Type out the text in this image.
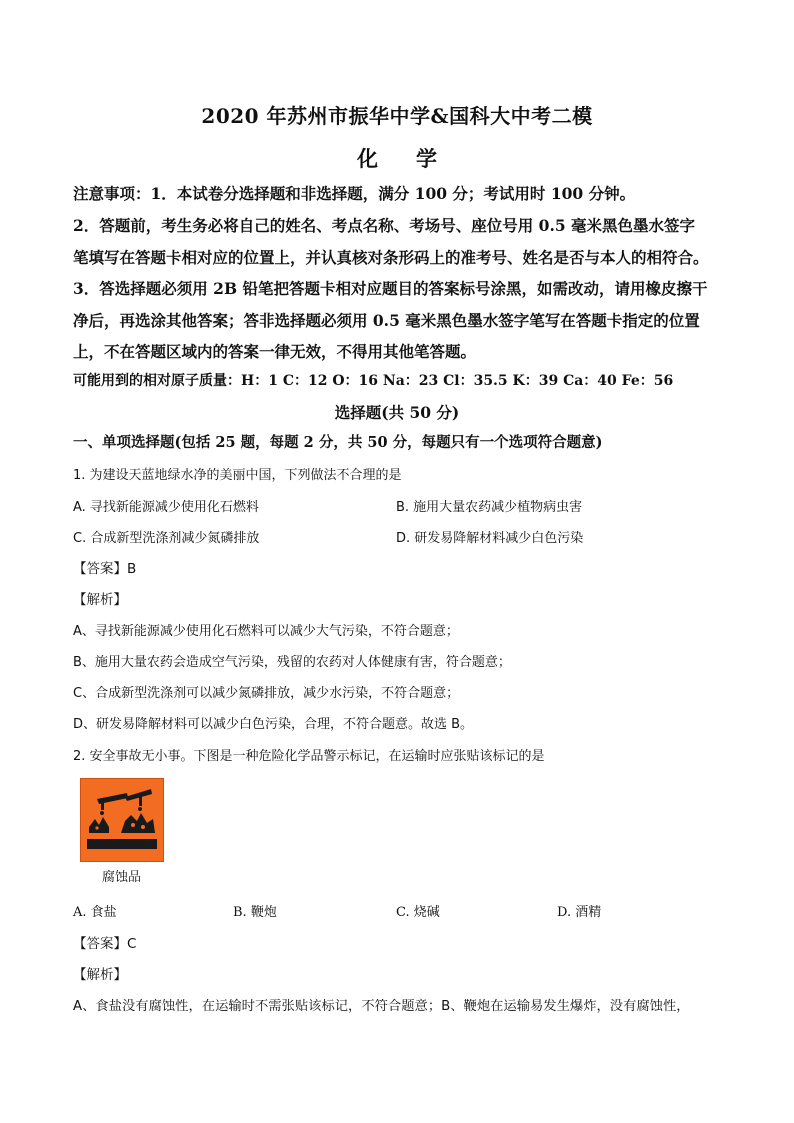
2020 年苏州市振华中学&国科大中考二模
化学
注意事项：1．本试卷分选择题和非选择题，满分 100 分；考试用时 100 分钟。
2．答题前，考生务必将自己的姓名、考点名称、考场号、座位号用 0.5 毫米黑色墨水签字
笔填写在答题卡相对应的位置上，并认真核对条形码上的准考号、姓名是否与本人的相符合。
3．答选择题必须用 2B 铅笔把答题卡相对应题目的答案标号涂黑，如需改动，请用橡皮擦干
净后，再选涂其他答案；答非选择题必须用 0.5 毫米黑色墨水签字笔写在答题卡指定的位置
上，不在答题区域内的答案一律无效，不得用其他笔答题。
可能用到的相对原子质量：H：1 C：12 O：16 Na：23 Cl：35.5 K：39 Ca：40 Fe：56
选择题(共 50 分)
一、单项选择题(包括 25 题，每题 2 分，共 50 分，每题只有一个选项符合题意)
1. 为建设天蓝地绿水净的美丽中国，下列做法不合理的是
A. 寻找新能源减少使用化石燃料	B. 施用大量农药减少植物病虫害
C. 合成新型洗涤剂减少氮磷排放	D. 研发易降解材料减少白色污染
【答案】B
【解析】
A、寻找新能源减少使用化石燃料可以减少大气污染，不符合题意；
B、施用大量农药会造成空气污染，残留的农药对人体健康有害，符合题意；
C、合成新型洗涤剂可以减少氮磷排放，减少水污染，不符合题意；
D、研发易降解材料可以减少白色污染，合理，不符合题意。故选 B。
2. 安全事故无小事。下图是一种危险化学品警示标记，在运输时应张贴该标记的是
腐蚀品
A. 食盐	B. 鞭炮	C. 烧碱	D. 酒精
【答案】C
【解析】
A、食盐没有腐蚀性，在运输时不需张贴该标记，不符合题意；B、鞭炮在运输易发生爆炸，没有腐蚀性，
